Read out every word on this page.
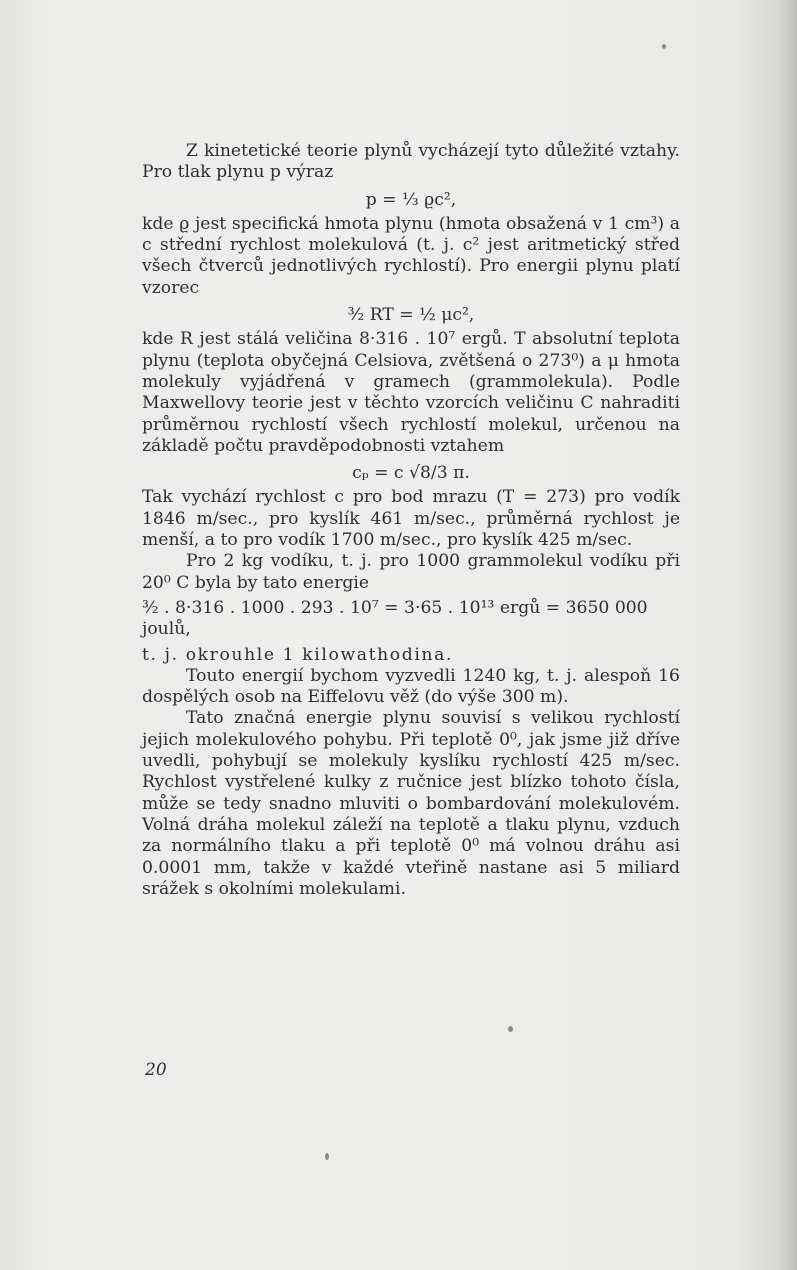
Z kinetetické teorie plynů vycházejí tyto důležité vztahy. Pro tlak plynu p výraz

p = ⅓ ϱc²,

kde ϱ jest specifická hmota plynu (hmota obsažená v 1 cm³) a c střední rychlost molekulová (t. j. c² jest aritmetický střed všech čtverců jednotlivých rychlostí). Pro energii plynu platí vzorec

³⁄₂ RT = ½ μc²,

kde R jest stálá veličina 8·316 . 10⁷ ergů. T absolutní teplota plynu (teplota obyčejná Celsiova, zvětšená o 273⁰) a μ hmota molekuly vyjádřená v gramech (grammolekula). Podle Maxwellovy teorie jest v těchto vzorcích veličinu C nahraditi průměrnou rychlostí všech rychlostí molekul, určenou na základě počtu pravděpodobnosti vztahem

cₚ = c √8/3 π.

Tak vychází rychlost c pro bod mrazu (T = 273) pro vodík 1846 m/sec., pro kyslík 461 m/sec., průměrná rychlost je menší, a to pro vodík 1700 m/sec., pro kyslík 425 m/sec.

Pro 2 kg vodíku, t. j. pro 1000 grammolekul vodíku při 20⁰ C byla by tato energie

³⁄₂ . 8·316 . 1000 . 293 . 10⁷ = 3·65 . 10¹³ ergů = 3650 000 joulů,

t. j. okrouhle 1 kilowathodina.

Touto energií bychom vyzvedli 1240 kg, t. j. alespoň 16 dospělých osob na Eiffelovu věž (do výše 300 m).

Tato značná energie plynu souvisí s velikou rychlostí jejich molekulového pohybu. Při teplotě 0⁰, jak jsme již dříve uvedli, pohybují se molekuly kyslíku rychlostí 425 m/sec. Rychlost vystřelené kulky z ručnice jest blízko tohoto čísla, může se tedy snadno mluviti o bombardování molekulovém. Volná dráha molekul záleží na teplotě a tlaku plynu, vzduch za normálního tlaku a při teplotě 0⁰ má volnou dráhu asi 0.0001 mm, takže v každé vteřině nastane asi 5 miliard srážek s okolními molekulami.

20
